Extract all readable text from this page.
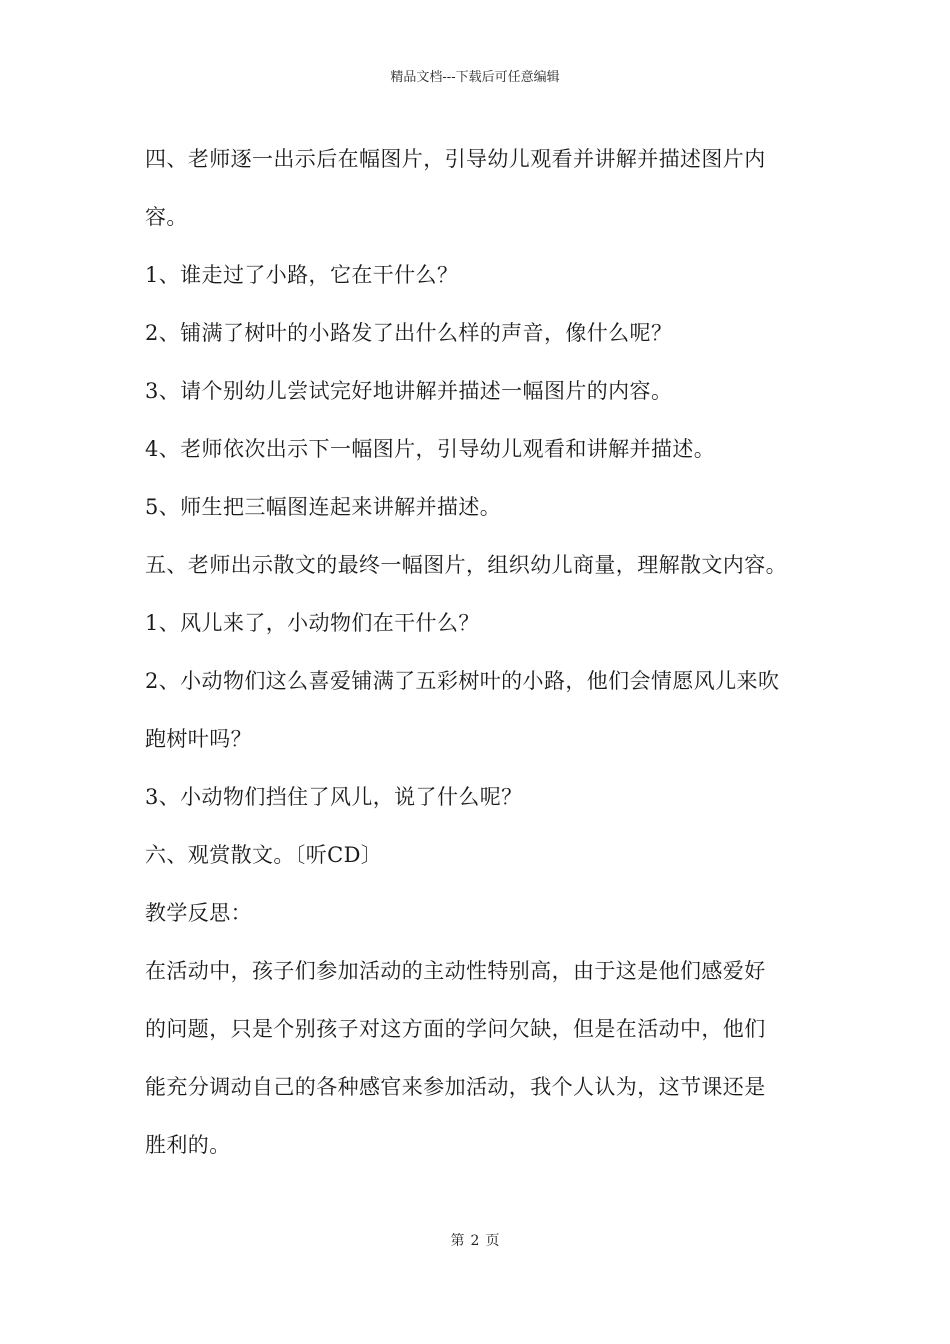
精品文档---下载后可任意编辑
四、老师逐一出示后在幅图片，引导幼儿观看并讲解并描述图片内
容。
1、谁走过了小路，它在干什么？
2、铺满了树叶的小路发了出什么样的声音，像什么呢？
3、请个别幼儿尝试完好地讲解并描述一幅图片的内容。
4、老师依次出示下一幅图片，引导幼儿观看和讲解并描述。
5、师生把三幅图连起来讲解并描述。
五、老师出示散文的最终一幅图片，组织幼儿商量，理解散文内容。
1、风儿来了，小动物们在干什么？
2、小动物们这么喜爱铺满了五彩树叶的小路，他们会情愿风儿来吹
跑树叶吗？
3、小动物们挡住了风儿，说了什么呢？
六、观赏散文。〔听CD〕
教学反思：
在活动中，孩子们参加活动的主动性特别高，由于这是他们感爱好
的问题，只是个别孩子对这方面的学问欠缺，但是在活动中，他们
能充分调动自己的各种感官来参加活动，我个人认为，这节课还是
胜利的。
第 2 页
